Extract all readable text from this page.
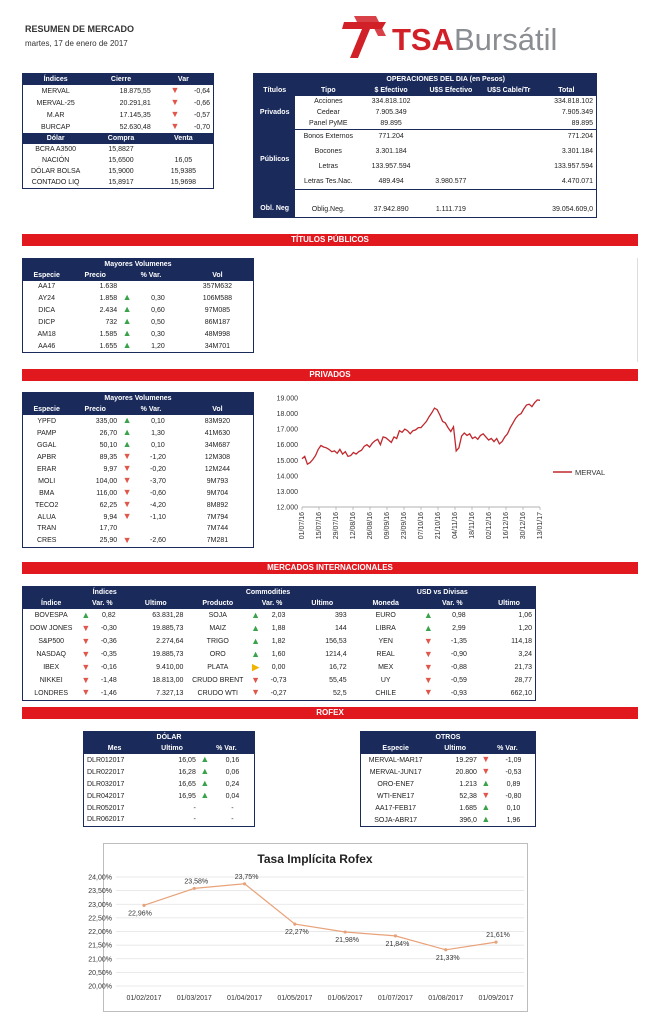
RESUMEN DE MERCADO
martes, 17 de enero de 2017	TSABursátil
Índices	Cierre	Var
MERVAL	18.875,55	▼ -0,64
MERVAL-25	20.291,81	▼ -0,66
M.AR	17.145,35	▼ -0,57
BURCAP	52.630,48	▼ -0,70
Dólar	Compra	Venta
BCRA A3500	15,8827	
NACIÓN	15,6500	16,05
DÓLAR BOLSA	15,9000	15,9385
CONTADO LIQ	15,8917	15,9698
	OPERACIONES DEL DIA (en Pesos)				
Títulos	Tipo	$ Efectivo	U$S Efectivo	U$S Cable/Tr	Total
Privados	Acciones	334.818.102			334.818.102
	Cedear	7.905.349			7.905.349
	Panel PyME	89.895			89.895
Públicos	Bonos Externos	771.204			771.204
	Bocones	3.301.184			3.301.184
	Letras	133.957.594			133.957.594
	Letras Tes.Nac.	489.494	3.980.577		4.470.071
Obl. Neg	Oblig.Neg.	37.942.890	1.111.719		39.054.609,0
TÍTULOS PÚBLICOS
Mayores Volumenes				
Especie	Precio	% Var.		Vol
AA17	1.638			357M632
AY24	1.858	▲	0,30	106M588
DICA	2.434	▲	0,60	97M085
DICP	732	▲	0,50	86M187
AM18	1.585	▲	0,30	48M998
AA46	1.655	▲	1,20	34M701
PRIVADOS
Mayores Volumenes				
Especie	Precio	% Var.		Vol
YPFD	335,00	▲	0,10	83M920
PAMP	26,70	▲	1,30	41M630
GGAL	50,10	▲	0,10	34M687
APBR	89,35	▼	-1,20	12M308
ERAR	9,97	▼	-0,20	12M244
MOLI	104,00	▼	-3,70	9M793
BMA	116,00	▼	-0,60	9M704
TECO2	62,25	▼	-4,20	8M892
ALUA	9,94	▼	-1,10	7M794
TRAN	17,70			7M744
CRES	25,90	▼	-2,60	7M281
12.000
13.000
14.000
15.000
16.000
17.000
18.000
19.000
01/07/16 15/07/16 29/07/16 12/08/16 26/08/16 09/09/16 23/09/16 07/10/16 21/10/16 04/11/16 18/11/16 02/12/16 16/12/16 30/12/16 13/01/17
MERVAL
MERCADOS INTERNACIONALES
Índices				Commodities				USD vs Divisas			
Índice	Var. %		Ultimo	Producto	Var. %		Ultimo	Moneda	Var. %		Ultimo
BOVESPA	▲	0,82	63.831,28	SOJA	▲	2,03	393	EURO	▲	0,98	1,06
DOW JONES	▼	-0,30	19.885,73	MAIZ	▲	1,88	144	LIBRA	▲	2,99	1,20
S&P500	▼	-0,36	2.274,64	TRIGO	▲	1,82	156,53	YEN	▼	-1,35	114,18
NASDAQ	▼	-0,35	19.885,73	ORO	▲	1,60	1214,4	REAL	▼	-0,90	3,24
IBEX	▼	-0,16	9.410,00	PLATA	▶	0,00	16,72	MEX	▼	-0,88	21,73
NIKKEI	▼	-1,48	18.813,00	CRUDO BRENT	▼	-0,73	55,45	UY	▼	-0,59	28,77
LONDRES	▼	-1,46	7.327,13	CRUDO WTI	▼	-0,27	52,5	CHILE	▼	-0,93	662,10
ROFEX
DÓLAR			
Mes	Ultimo	% Var.	
DLR012017	16,05	▲	0,16
DLR022017	16,28	▲	0,06
DLR032017	16,65	▲	0,24
DLR042017	16,95	▲	0,04
DLR052017	-		-
DLR062017	-		-
OTROS			
Especie	Ultimo	% Var.	
MERVAL-MAR17	19.297	▼	-1,09
MERVAL-JUN17	20.800	▼	-0,53
ORO-ENE7	1.213	▲	0,89
WTI-ENE17	52,38	▼	-0,80
AA17-FEB17	1.685	▲	0,10
SOJA-ABR17	396,0	▲	1,96
Tasa Implícita Rofex
20,00%
20,50%
21,00%
21,50%
22,00%
22,50%
23,00%
23,50%
24,00%
01/02/2017 01/03/2017 01/04/2017 01/05/2017 01/06/2017 01/07/2017 01/08/2017 01/09/2017
22,96%
23,58%
23,75%
22,27%
21,98%
21,84%
21,33%
21,61%
